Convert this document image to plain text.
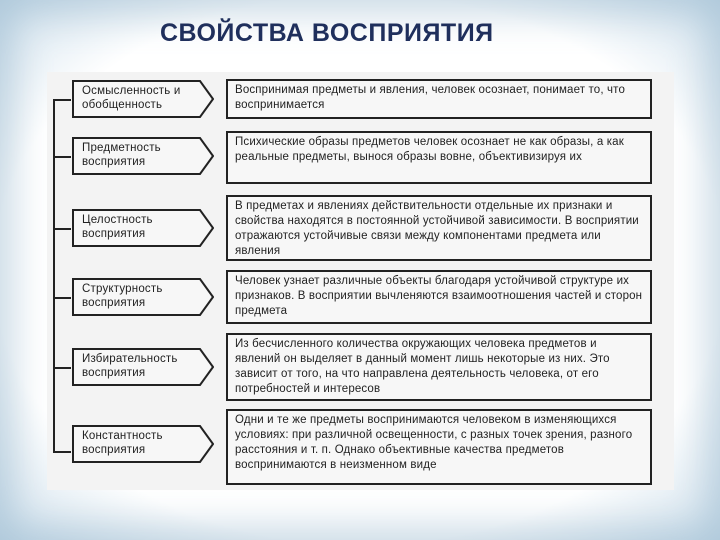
СВОЙСТВА ВОСПРИЯТИЯ
Осмысленность и обобщенность
Воспринимая предметы и явления, человек осознает, понимает то, что воспринимается
Предметность восприятия
Психические образы предметов человек осознает не как образы, а как реальные предметы, вынося образы вовне, объективизируя их
Целостность восприятия
В предметах и явлениях действительности отдельные их признаки и свойства находятся в постоянной устойчивой зависимости. В восприятии отражаются устойчивые связи между компонентами предмета или явления
Структурность восприятия
Человек узнает различные объекты благодаря устойчивой структуре их признаков. В восприятии вычленяются взаимоотношения частей и сторон предмета
Избирательность восприятия
Из бесчисленного количества окружающих человека предметов и явлений он выделяет в данный момент лишь некоторые из них. Это зависит от того, на что направлена деятельность человека, от его потребностей и интересов
Константность восприятия
Одни и те же предметы воспринимаются человеком в изменяющихся условиях: при различной освещенности, с разных точек зрения, разного расстояния и т. п. Однако объективные качества предметов воспринимаются в неизменном виде
